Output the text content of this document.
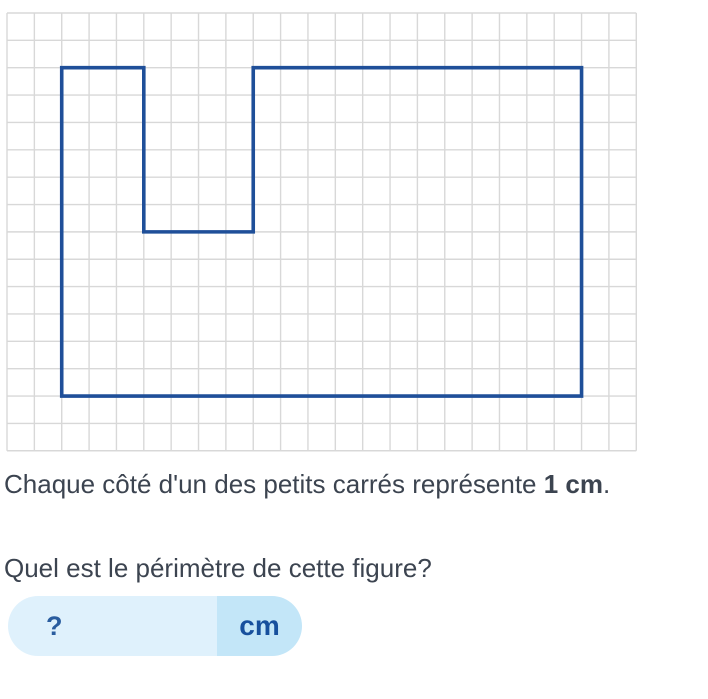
Chaque côté d'un des petits carrés représente 1 cm.

Quel est le périmètre de cette figure?

?	cm
